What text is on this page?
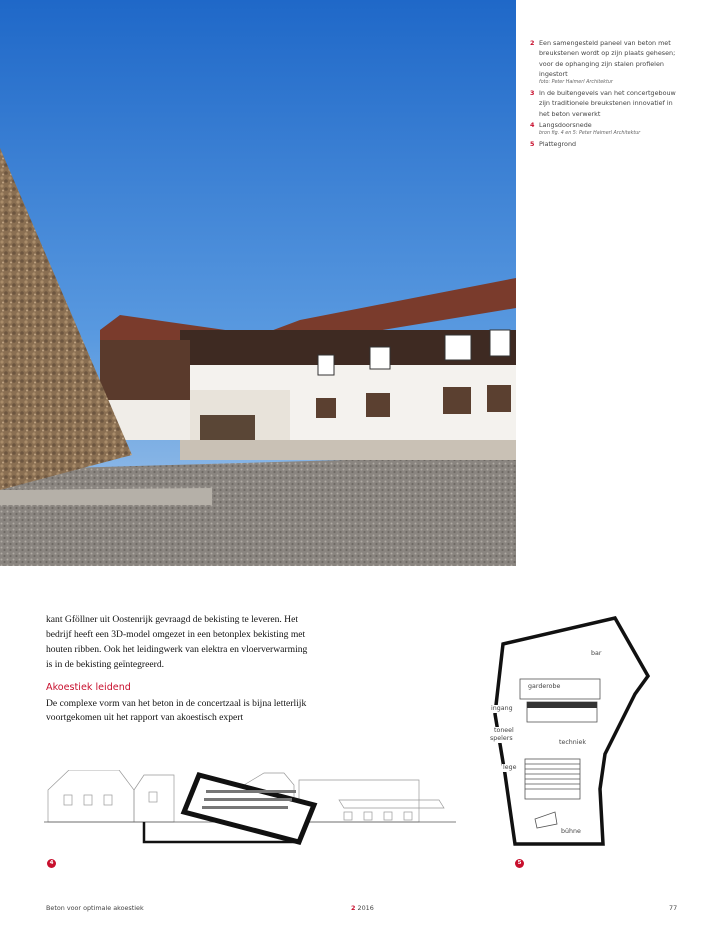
2 Een samengesteld paneel van beton met breukstenen wordt op zijn plaats gehesen; voor de ophanging zijn stalen profielen ingestort
foto: Peter Haimerl Architektur
3 In de buitengevels van het concertgebouw zijn traditionele breukstenen innovatief in het beton verwerkt
4 Langsdoorsnede
bron fig. 4 en 5: Peter Haimerl Architektur
5 Plattegrond

kant Gföllner uit Oostenrijk gevraagd de bekisting te leveren. Het bedrijf heeft een 3D-model omgezet in een betonplex bekisting met houten ribben. Ook het leidingwerk van elektra en vloerverwarming is in de bekisting geïntegreerd.

Akoestiek leidend

De complexe vorm van het beton in de concertzaal is bijna letterlijk voortgekomen uit het rapport van akoestisch expert

bar
garderobe
ingang
toneel
spelers
techniek
lege
bühne
4	5
Beton voor optimale akoestiek	2 2016	77
